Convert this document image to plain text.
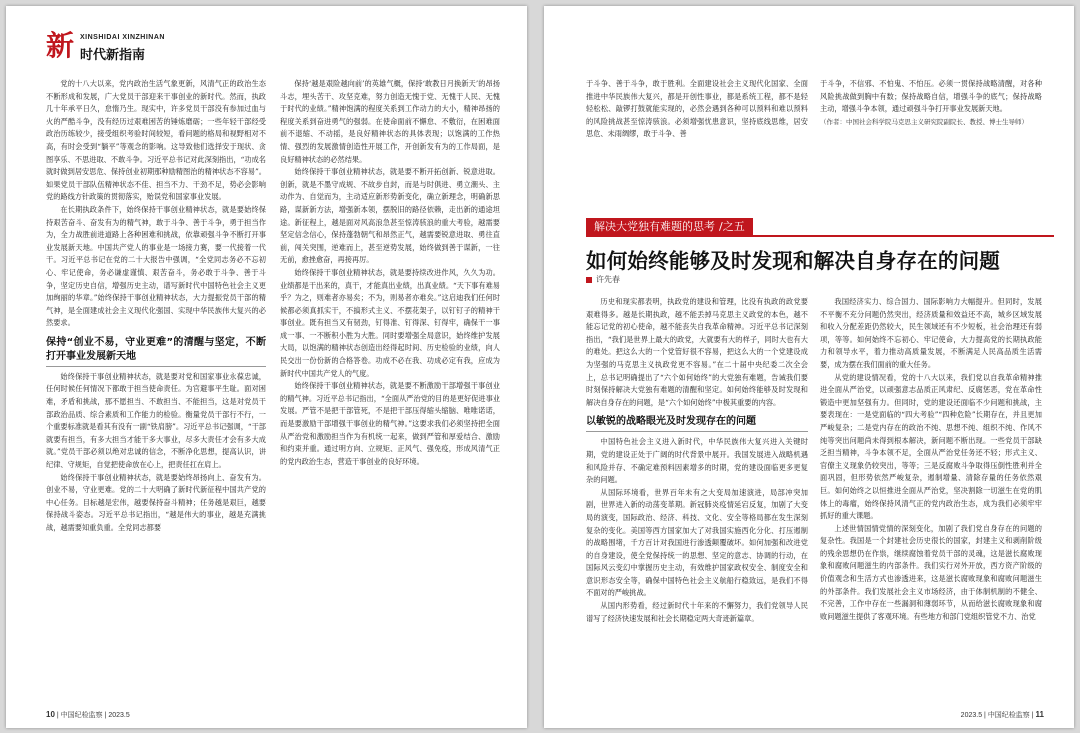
新 XINSHIDAI XINZHINAN
时代新指南

党的十八大以来，党内政治生活气象更新，风清气正的政治生态不断形成和发展，广大党员干部迎来干事创业的新时代。然而，执政几十年承平日久，怠惰乃生。现实中，许多党员干部没有参加过血与火的严酷斗争，没有经历过艰难困苦的锤炼磨砺；一些年轻干部经受政治历练较少，接受组织考验时间较短，看问题的格局和视野相对不高，有时会受到“躺平”等观念的影响。这导致他们选择安于现状、贪图享乐、不思进取、不敢斗争。习近平总书记对此深刻指出，“功成名就时做到居安思危、保持创业初期那种励精图治的精神状态不容易”。如果党员干部队伍精神状态不佳、担当不力、干劲不足，势必会影响党的路线方针政策的贯彻落实，贻误党和国家事业发展。

在长期执政条件下，始终保持干事创业精神状态，就是要始终保持艰苦奋斗、奋发有为的精气神，敢于斗争、善于斗争，勇于担当作为，全力战胜前进道路上各种困难和挑战，依靠顽强斗争不断打开事业发展新天地。中国共产党人的事业是一场接力赛，要一代接着一代干。习近平总书记在党的二十大报告中强调，“全党同志务必不忘初心、牢记使命，务必谦虚谨慎、艰苦奋斗，务必敢于斗争、善于斗争，坚定历史自信，增强历史主动，谱写新时代中国特色社会主义更加绚丽的华章。”始终保持干事创业精神状态，大力提振党员干部的精气神，是全面建成社会主义现代化强国、实现中华民族伟大复兴的必然要求。

保持“创业不易，守业更难”的清醒与坚定，不断打开事业发展新天地

始终保持干事创业精神状态，就是要对党和国家事业永葆忠诚，任何时候任何情况下都敢于担当使命责任。为官避事平生耻。面对困难，矛盾和挑战，那不愿担当、不敢担当、不能担当，这是对党员干部政治品质、综合素质和工作能力的检验。衡量党员干部行不行，一个重要标准就是看其有没有一副“铁肩膀”。习近平总书记强调，“干部就要有担当，有多大担当才能干多大事业，尽多大责任才会有多大成就。”党员干部必须以绝对忠诚的信念，不断净化思想，提高认识，讲纪律、守规矩，自觉把使命放在心上，把责任扛在肩上。

始终保持干事创业精神状态，就是要始终昂扬向上、奋发有为。创业不易，守业更难。党的二十大明确了新时代新征程中国共产党的中心任务。目标越是宏伟，越要保持奋斗精神；任务越是艰巨，越要保持战斗姿态。习近平总书记指出，“越是伟大的事业，越是充满挑战，越需要知重负重。全党同志都要

保持‘越是艰险越向前’的英雄气概，保持‘敢教日月换新天’的昂扬斗志，埋头苦干、攻坚克难，努力创造无愧于党、无愧于人民、无愧于时代的业绩。”精神饱满的程度关系到工作动力的大小，精神昂扬的程度关系到奋进勇气的强弱。在使命面前不懈怠、不敷衍，在困难面前不退缩、不动摇，是良好精神状态的具体表现；以饱满的工作热情、强烈的发展激情创造性开展工作，开创新发有为的工作局面，是良好精神状态的必然结果。

始终保持干事创业精神状态，就是要不断开拓创新、锐意进取。创新，就是不墨守成规、不故步自封，而是与时俱进、勇立潮头、主动作为、自觉而为，主动适应新形势新变化，确立新理念，明确新思路，谋新新方法，增强新本领，摆脱旧的路径依赖，走出新的通途坦途。新征程上，越是面对风高浪急甚至惊涛骇浪的重大考验，越需要坚定信念信心，保持蓬勃朝气和昂然正气，越需要锐意进取、勇往直前，闯关突围，逆难而上，甚至逆势发展，始终做到善于谋新，一往无前，愈挫愈奋，再接再厉。

始终保持干事创业精神状态，就是要持续改进作风，久久为功。业绩都是干出来的，真干，才能真出业绩，出真业绩。“天下事有难易乎？为之，则难者亦易矣；不为，则易者亦难矣。”这启迪我们任何时候都必须真抓实干，不搞形式主义、不摆花架子，以钉钉子的精神干事创业。既有担当又有韧劲，钉得准、钉得深、钉得牢，确保干一事成一事、一不断积小胜为大胜。同时要增强全局意识，始终维护发展大局，以饱满的精神状态创造出经得起时间、历史检验的业绩，向人民交出一份份新的合格答卷。功成不必在我、功成必定有我，应成为新时代中国共产党人的气度。

始终保持干事创业精神状态，就是要不断激励干部增强干事创业的精气神。习近平总书记指出，“全面从严治党的目的是更好促进事业发展。严管不是把干部管死，不是把干部压得缩头缩脑、唯唯诺诺，而是要激励干部增强干事创业的精气神。”这要求我们必须坚持把全面从严治党和激励担当作为有机统一起来，做到严管和厚爱结合、激励和约束并重。通过明方向、立规矩、正风气、强免疫，形成风清气正的党内政治生态，营造干事创业的良好环境。

10 | 中国纪检监察 | 2023.5

于斗争、善于斗争，敢于胜利。全面建设社会主义现代化国家、全面推进中华民族伟大复兴，都是开创性事业，都是系统工程，都不是轻轻松松、敲锣打鼓就能实现的，必然会遇到各种可以预料和难以预料的风险挑战甚至惊涛骇浪。必须增强忧患意识，坚持底线思维，居安思危、未雨绸缪，敢于斗争、善

于斗争，不信邪、不怕鬼、不怕压。必须一贯保持战略清醒，对各种风险挑战做到胸中有数；保持战略自信，增强斗争的底气；保持战略主动，增强斗争本领，通过顽强斗争打开事业发展新天地。

（作者：中国社会科学院马克思主义研究院副院长、教授、博士生导师）

解决大党独有难题的思考 /之五
如何始终能够及时发现和解决自身存在的问题
许先春

历史和现实都表明，执政党的建设和管理，比没有执政的政党要艰难得多。越是长期执政，越不能丢掉马克思主义政党的本色，越不能忘记党的初心使命，越不能丧失自我革命精神。习近平总书记深刻指出，“我们是世界上最大的政党，大就要有大的样子，同时大也有大的难处。把这么大的一个党管好很不容易，把这么大的一个党建设成为坚强的马克思主义执政党更不容易。”在二十届中央纪委二次全会上，总书记明确提出了“六个如何始终”的大党独有难题，告诫我们要时刻保持解决大党独有难题的清醒和坚定。如何始终能够及时发现和解决自身存在的问题，是“六个如何始终”中极其重要的内容。

以敏锐的战略眼光及时发现存在的问题

中国特色社会主义进入新时代，中华民族伟大复兴进入关键时期，党的建设正处于广阔的时代背景中展开。我国发展进入战略机遇和风险并存、不确定难预料因素增多的时期，党的建设面临更多更复杂的问题。

从国际环境看，世界百年未有之大变局加速演进，局部冲突加剧，世界进入新的动荡变革期。新冠肺炎疫情延宕反复，加剧了大变局的演变，国际政治、经济、科技、文化、安全等格局都在发生深刻复杂的变化。美国等西方国家加大了对我国实施西化分化、打压遏制的战略围堵，千方百计对我国进行渗透颠覆破坏。如何加强和改进党的自身建设，使全党保持统一的思想、坚定的意志、协调的行动，在国际风云变幻中掌握历史主动，有效维护国家政权安全、制度安全和意识形态安全等，确保中国特色社会主义航船行稳致远，是我们不得不面对的严峻挑战。

从国内形势看，经过新时代十年来的不懈努力，我们党领导人民谱写了经济快速发展和社会长期稳定两大奇迹新篇章。

我国经济实力、综合国力、国际影响力大幅提升。但同时，发展不平衡不充分问题仍然突出，经济质量和效益还不高，城乡区域发展和收入分配差距仍然较大，民生领域还有不少短板，社会治理还有弱项，等等。如何始终不忘初心、牢记使命，大力提高党的长期执政能力和领导水平，着力推动高质量发展，不断满足人民高品质生活需要，成为摆在我们面前的重大任务。

从党的建设情况看，党的十八大以来，我们党以自我革命精神推进全面从严治党，以顽强意志品质正风肃纪、反腐惩恶，党在革命性锻造中更加坚强有力。但同时，党的建设还面临不少问题和挑战，主要表现在：一是党面临的“四大考验”“四种危险”长期存在，并且更加严峻复杂；二是党内存在的政治不纯、思想不纯、组织不纯、作风不纯等突出问题尚未得到根本解决，新问题不断出现。一些党员干部缺乏担当精神，斗争本领不足，全面从严治党任务还不轻；形式主义、官僚主义现象仍较突出，等等；三是反腐败斗争取得压倒性胜利并全面巩固，但形势依然严峻复杂，遏制增量、清除存量的任务依然艰巨。如何始终之以恒推进全面从严治党，坚决割除一切滋生在党的肌体上的毒瘤，始终保持风清气正的党内政治生态，成为我们必须牢牢抓好的重大课题。

上述世情国情党情的深刻变化，加剧了我们党自身存在的问题的复杂性。我国是一个封建社会历史很长的国家，封建主义和剥削阶级的残余思想仍在作祟，继续腐蚀着党员干部的灵魂，这是滋长腐败现象和腐败问题滋生的内部条件。我们实行对外开放，西方资产阶级的价值观念和生活方式也渗透进来，这是滋长腐败现象和腐败问题滋生的外部条件。我们发展社会主义市场经济，由于体制机制的不健全、不完善，工作中存在一些漏洞和薄弱环节，从而给滋长腐败现象和腐败问题滋生提供了客观环境。有些地方和部门党组织管党不力、治党

2023.5 | 中国纪检监察 | 11
